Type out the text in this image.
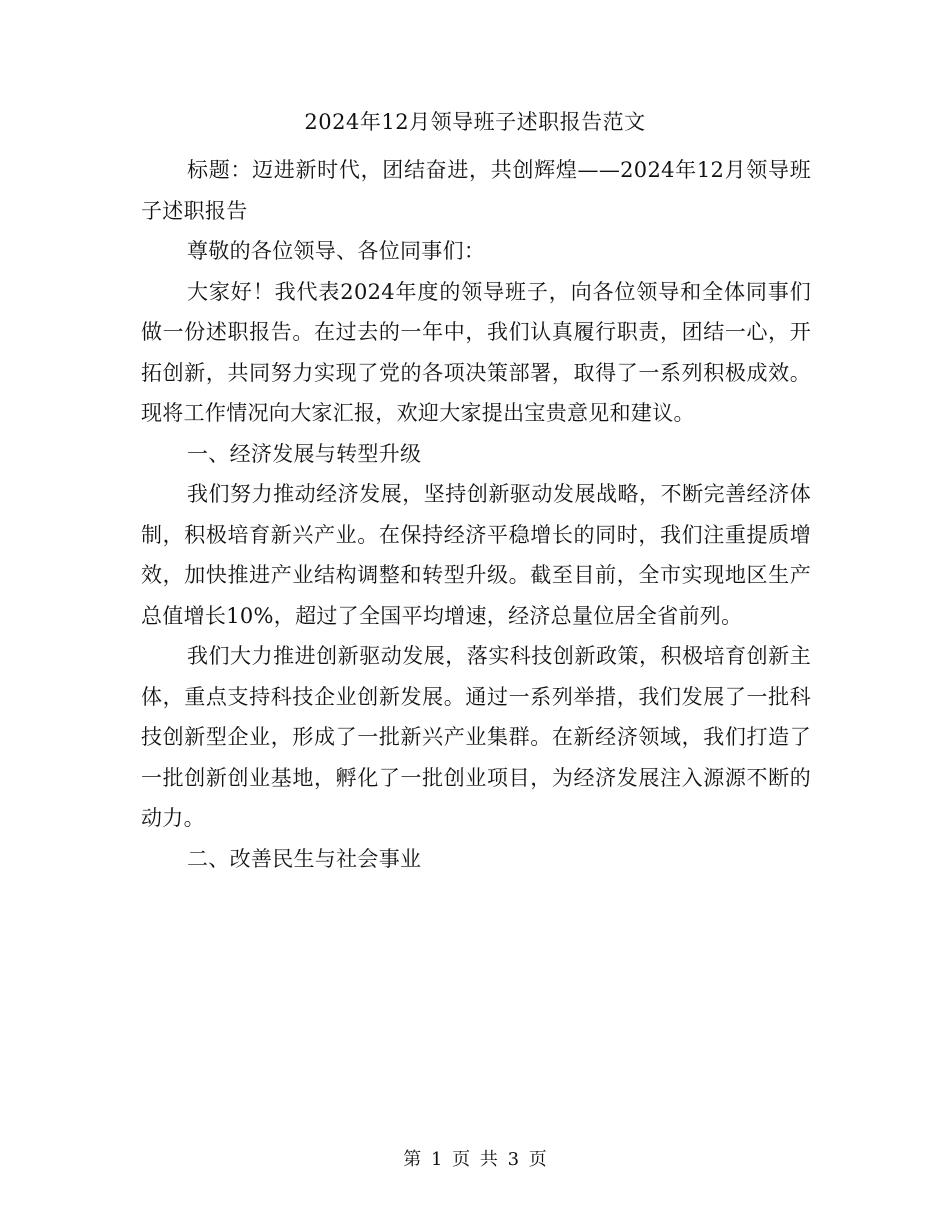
2024年12月领导班子述职报告范文

标题：迈进新时代，团结奋进，共创辉煌——2024年12月领导班子述职报告

尊敬的各位领导、各位同事们：

大家好！我代表2024年度的领导班子，向各位领导和全体同事们做一份述职报告。在过去的一年中，我们认真履行职责，团结一心，开拓创新，共同努力实现了党的各项决策部署，取得了一系列积极成效。现将工作情况向大家汇报，欢迎大家提出宝贵意见和建议。

一、经济发展与转型升级

我们努力推动经济发展，坚持创新驱动发展战略，不断完善经济体制，积极培育新兴产业。在保持经济平稳增长的同时，我们注重提质增效，加快推进产业结构调整和转型升级。截至目前，全市实现地区生产总值增长10%，超过了全国平均增速，经济总量位居全省前列。

我们大力推进创新驱动发展，落实科技创新政策，积极培育创新主体，重点支持科技企业创新发展。通过一系列举措，我们发展了一批科技创新型企业，形成了一批新兴产业集群。在新经济领域，我们打造了一批创新创业基地，孵化了一批创业项目，为经济发展注入源源不断的动力。

二、改善民生与社会事业

第 1 页 共 3 页
